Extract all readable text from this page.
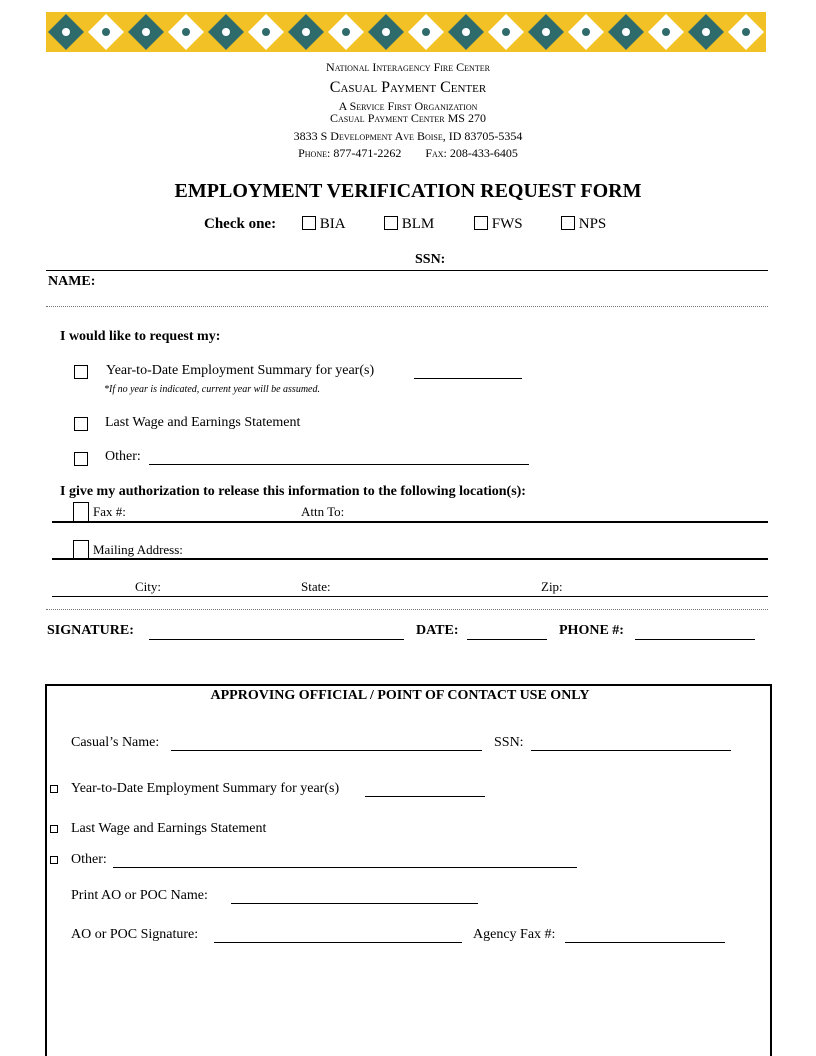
National Interagency Fire Center
Casual Payment Center
A Service First Organization
Casual Payment Center MS 270
3833 S Development Ave Boise, ID 83705-5354
Phone: 877-471-2262 Fax: 208-433-6405
EMPLOYMENT VERIFICATION REQUEST FORM
Check one:	BIA	BLM	FWS	NPS
SSN:
NAME:
I would like to request my:
Year-to-Date Employment Summary for year(s)
*If no year is indicated, current year will be assumed.
Last Wage and Earnings Statement
Other:
I give my authorization to release this information to the following location(s):
Fax #:	Attn To:
Mailing Address:
City:	State:	Zip:
SIGNATURE:	DATE:	PHONE #:
APPROVING OFFICIAL / POINT OF CONTACT USE ONLY
Casual’s Name:	SSN:
Year-to-Date Employment Summary for year(s)
Last Wage and Earnings Statement
Other:
Print AO or POC Name:
AO or POC Signature:	Agency Fax #:
